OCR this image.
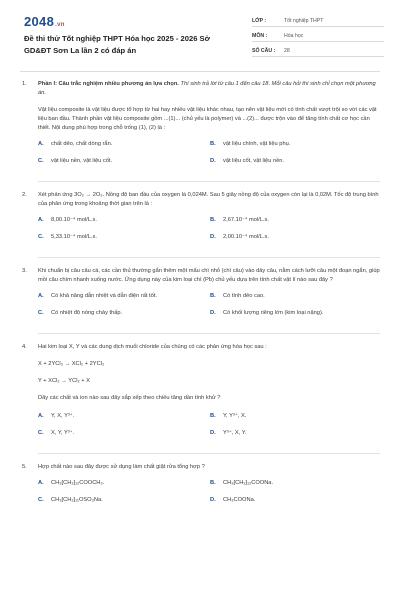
2048.vn
Đề thi thử Tốt nghiệp THPT Hóa học 2025 - 2026 Sở GD&ĐT Sơn La lần 2 có đáp án
LỚP :	Tốt nghiệp THPT
MÔN :	Hóa học
SỐ CÂU :	28
1.	Phần I: Câu trắc nghiệm nhiều phương án lựa chọn. Thí sinh trả lời từ câu 1 đến câu 18. Mỗi câu hỏi thí sinh chỉ chọn một phương án.
Vật liệu composite là vật liệu được tổ hợp từ hai hay nhiều vật liệu khác nhau, tạo nên vật liệu mới có tính chất vượt trội so với các vật liệu ban đầu. Thành phần vật liệu composite gồm ...(1)... (chủ yếu là polymer) và ...(2)... được trộn vào để tăng tính chất cơ học cần thiết. Nội dung phù hợp trong chỗ trống (1), (2) là :
A.	chất dẻo, chất dòng rắn.	B.	vật liệu chính, vật liệu phụ.
C.	vật liệu nền, vật liệu cốt.	D.	vật liệu cốt, vật liệu nền.
2.	Xét phản ứng 3O₂ → 2O₃. Nồng độ ban đầu của oxygen là 0,024M. Sau 5 giây nồng độ của oxygen còn lại là 0,02M. Tốc độ trung bình của phản ứng trong khoảng thời gian trên là :
A.	8,00.10⁻⁴ mol/L.s.	B.	2,67.10⁻⁴ mol/L.s.
C.	5,33.10⁻⁴ mol/L.s.	D.	2,00.10⁻⁴ mol/L.s.
3.	Khi chuẩn bị câu câu cá, các cần thủ thường gắn thêm một mẩu chì nhỏ (chì câu) vào dây câu, nằm cách lưỡi câu một đoạn ngắn, giúp mồi câu chìm nhanh xuống nước. Ứng dụng này của kim loại chì (Pb) chủ yếu dựa trên tính chất vật lí nào sau đây ?
A.	Có khả năng dẫn nhiệt và dẫn điện rất tốt.	B.	Có tính dẻo cao.
C.	Có nhiệt độ nóng chảy thấp.	D.	Có khối lượng riêng lớn (kim loại nặng).
4.	Hai kim loại X, Y và các dung dịch muối chloride của chúng có các phản ứng hóa học sau :
X + 2YCl₃ → XCl₂ + 2YCl₂
Y + XCl₂ → YCl₂ + X
Dãy các chất và ion nào sau đây sắp xếp theo chiều tăng dần tính khử ?
A.	Y, X, Y³⁺.	B.	Y, Y³⁺, X.
C.	X, Y, Y³⁺.	D.	Y³⁺, X, Y.
5.	Hợp chất nào sau đây được sử dụng làm chất giặt rửa tổng hợp ?
A.	CH₃[CH₂]₁₂COOCH₃.	B.	CH₃[CH₂]₁₂COONa.
C.	CH₃[CH₂]₁₁OSO₃Na.	D.	CH₃COONa.
